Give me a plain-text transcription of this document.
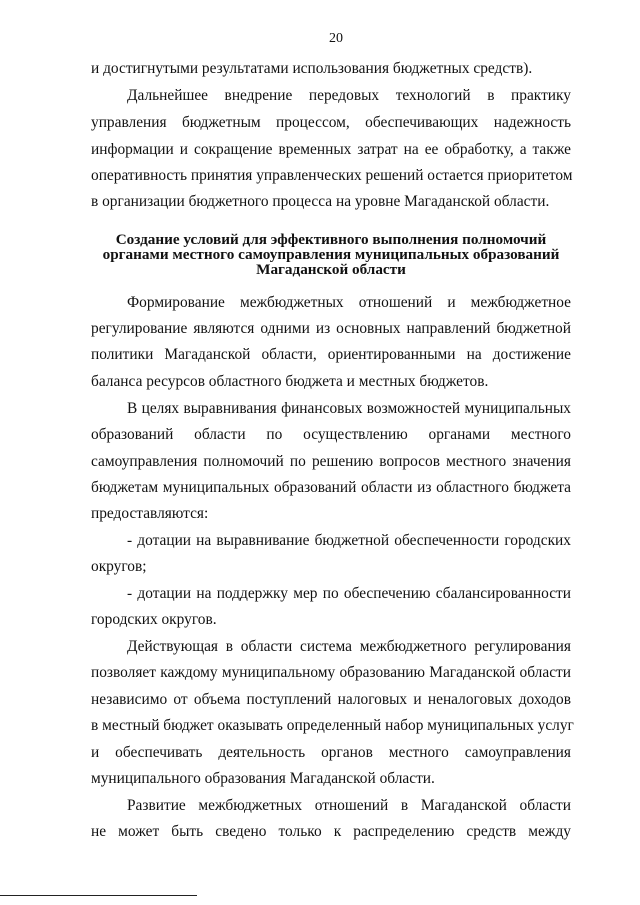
20
и достигнутыми результатами использования бюджетных средств).
Дальнейшее внедрение передовых технологий в практику
управления бюджетным процессом, обеспечивающих надежность
информации и сокращение временных затрат на ее обработку, а также
оперативность принятия управленческих решений остается приоритетом
в организации бюджетного процесса на уровне Магаданской области.
Создание условий для эффективного выполнения полномочий
органами местного самоуправления муниципальных образований
Магаданской области
Формирование межбюджетных отношений и межбюджетное
регулирование являются одними из основных направлений бюджетной
политики Магаданской области, ориентированными на достижение
баланса ресурсов областного бюджета и местных бюджетов.
В целях выравнивания финансовых возможностей муниципальных
образований области по осуществлению органами местного
самоуправления полномочий по решению вопросов местного значения
бюджетам муниципальных образований области из областного бюджета
предоставляются:
- дотации на выравнивание бюджетной обеспеченности городских
округов;
- дотации на поддержку мер по обеспечению сбалансированности
городских округов.
Действующая в области система межбюджетного регулирования
позволяет каждому муниципальному образованию Магаданской области
независимо от объема поступлений налоговых и неналоговых доходов
в местный бюджет оказывать определенный набор муниципальных услуг
и обеспечивать деятельность органов местного самоуправления
муниципального образования Магаданской области.
Развитие межбюджетных отношений в Магаданской области
не может быть сведено только к распределению средств между
